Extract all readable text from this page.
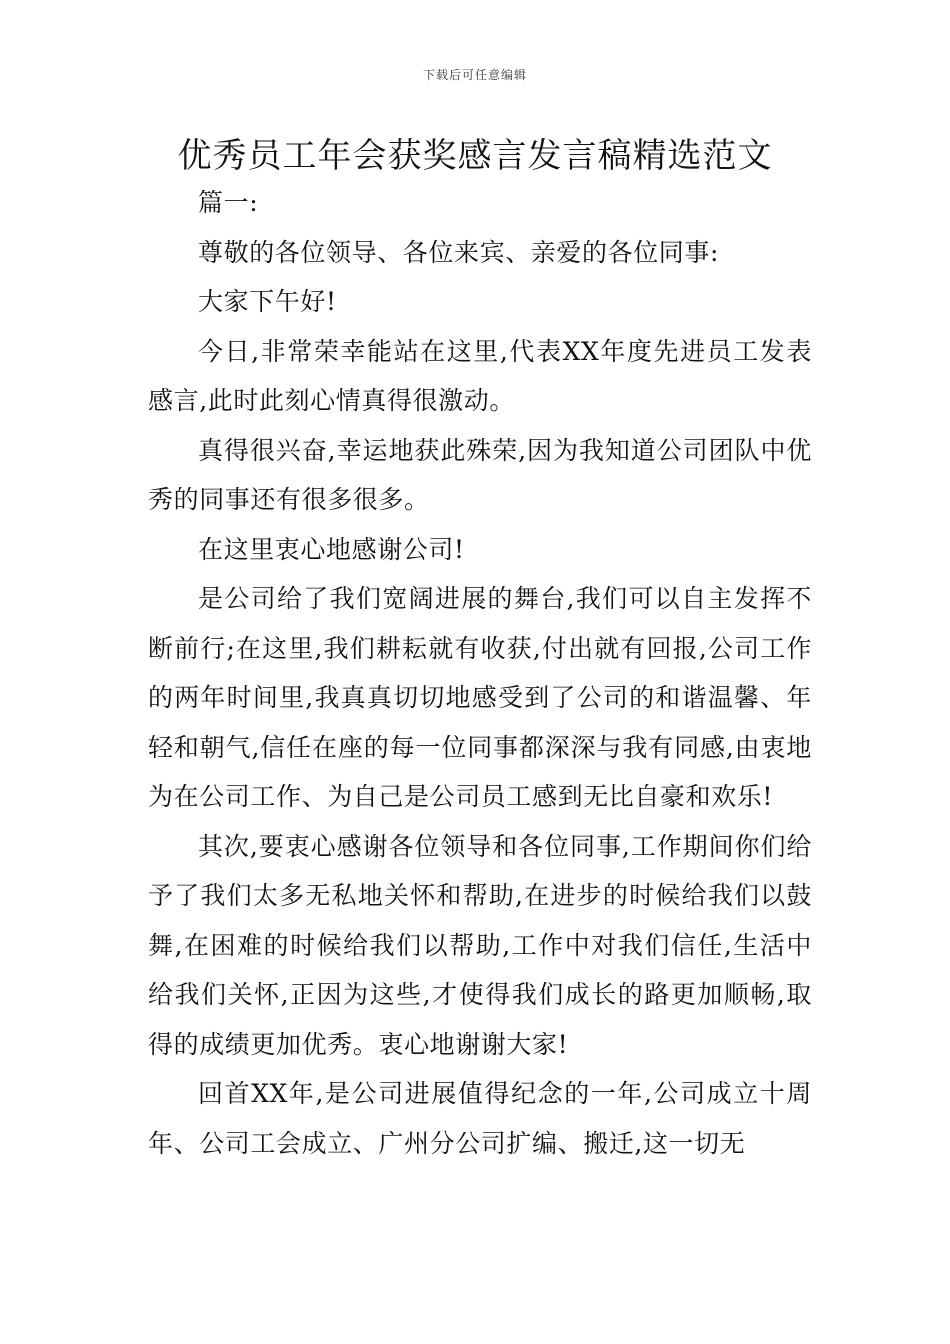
下载后可任意编辑
优秀员工年会获奖感言发言稿精选范文

篇一:

尊敬的各位领导、各位来宾、亲爱的各位同事:

大家下午好!

今日,非常荣幸能站在这里,代表XX年度先进员工发表感言,此时此刻心情真得很激动。

真得很兴奋,幸运地获此殊荣,因为我知道公司团队中优秀的同事还有很多很多。

在这里衷心地感谢公司!

是公司给了我们宽阔进展的舞台,我们可以自主发挥不断前行;在这里,我们耕耘就有收获,付出就有回报,公司工作的两年时间里,我真真切切地感受到了公司的和谐温馨、年轻和朝气,信任在座的每一位同事都深深与我有同感,由衷地为在公司工作、为自己是公司员工感到无比自豪和欢乐!

其次,要衷心感谢各位领导和各位同事,工作期间你们给予了我们太多无私地关怀和帮助,在进步的时候给我们以鼓舞,在困难的时候给我们以帮助,工作中对我们信任,生活中给我们关怀,正因为这些,才使得我们成长的路更加顺畅,取得的成绩更加优秀。衷心地谢谢大家!

回首XX年,是公司进展值得纪念的一年,公司成立十周年、公司工会成立、广州分公司扩编、搬迁,这一切无
